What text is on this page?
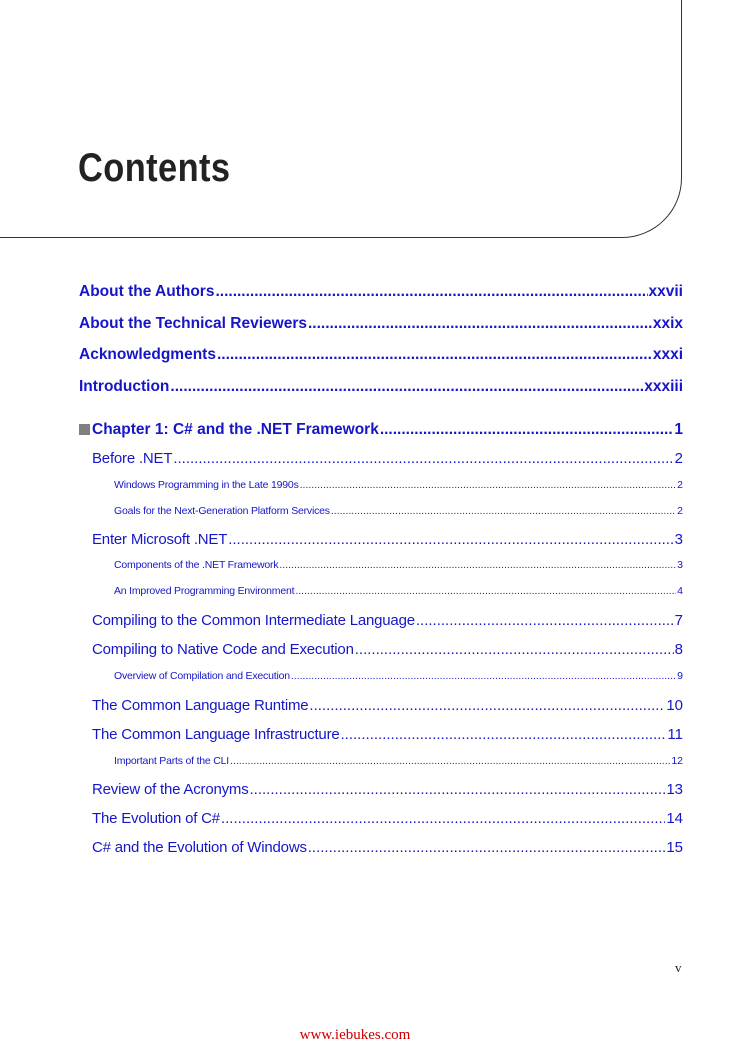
Contents
About the Authors .....	xxvii
About the Technical Reviewers .....	xxix
Acknowledgments .....	xxxi
Introduction .....	xxxiii
Chapter 1: C# and the .NET Framework .....	1
Before .NET .....	2
Windows Programming in the Late 1990s .....	2
Goals for the Next-Generation Platform Services .....	2
Enter Microsoft .NET .....	3
Components of the .NET Framework .....	3
An Improved Programming Environment .....	4
Compiling to the Common Intermediate Language .....	7
Compiling to Native Code and Execution .....	8
Overview of Compilation and Execution .....	9
The Common Language Runtime .....	10
The Common Language Infrastructure .....	11
Important Parts of the CLI .....	12
Review of the Acronyms .....	13
The Evolution of C# .....	14
C# and the Evolution of Windows .....	15
v
www.iebukes.com
